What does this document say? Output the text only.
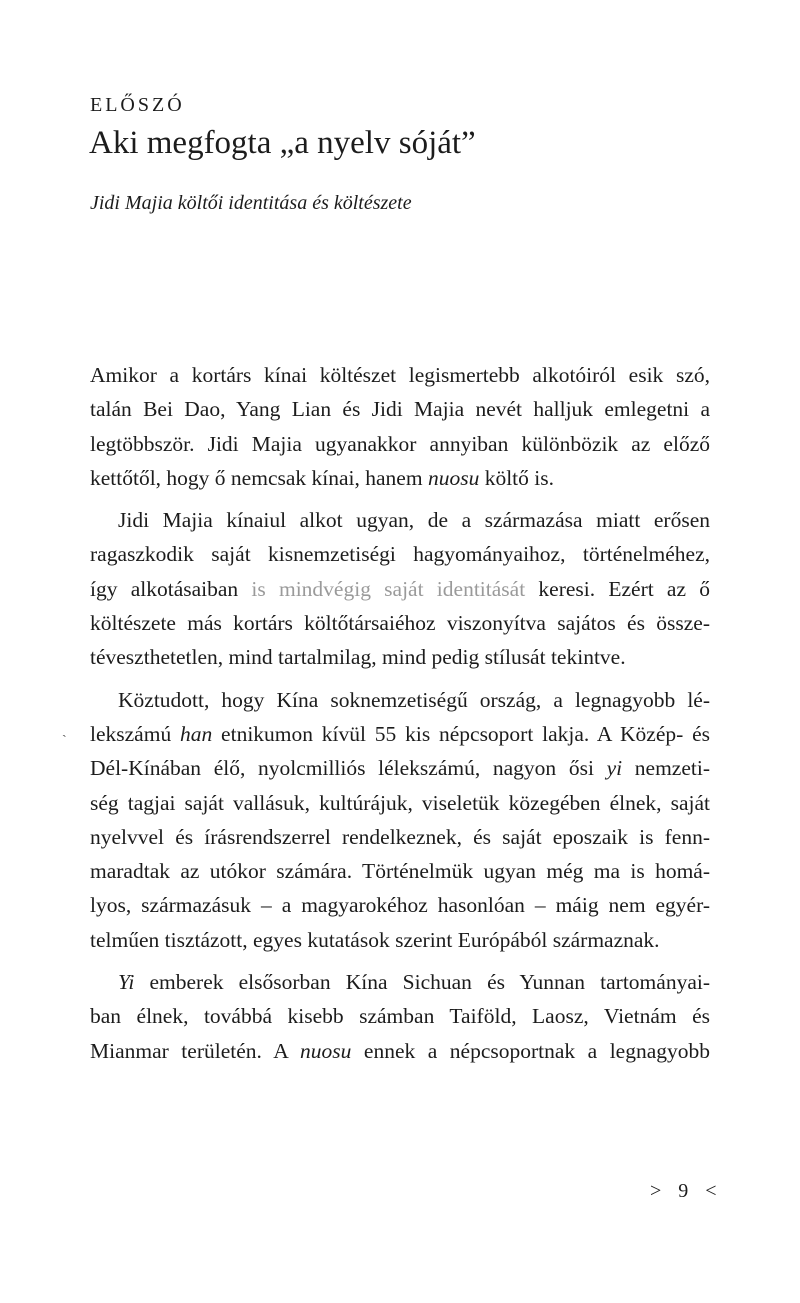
ELŐSZÓ
Aki megfogta „a nyelv sóját”
Jidi Majia költői identitása és költészete
Amikor a kortárs kínai költészet legismertebb alkotóiról esik szó,
talán Bei Dao, Yang Lian és Jidi Majia nevét halljuk emlegetni a
legtöbbször. Jidi Majia ugyanakkor annyiban különbözik az előző
kettőtől, hogy ő nemcsak kínai, hanem nuosu költő is.
Jidi Majia kínaiul alkot ugyan, de a származása miatt erősen
ragaszkodik saját kisnemzetiségi hagyományaihoz, történelméhez,
így alkotásaiban is mindvégig saját identitását keresi. Ezért az ő
költészete más kortárs költőtársaiéhoz viszonyítva sajátos és össze-
téveszthetetlen, mind tartalmilag, mind pedig stílusát tekintve.
Köztudott, hogy Kína soknemzetiségű ország, a legnagyobb lé-
lekszámú han etnikumon kívül 55 kis népcsoport lakja. A Közép- és
Dél-Kínában élő, nyolcmilliós lélekszámú, nagyon ősi yi nemzeti-
ség tagjai saját vallásuk, kultúrájuk, viseletük közegében élnek, saját
nyelvvel és írásrendszerrel rendelkeznek, és saját eposzaik is fenn-
maradtak az utókor számára. Történelmük ugyan még ma is homá-
lyos, származásuk – a magyarokéhoz hasonlóan – máig nem egyér-
telműen tisztázott, egyes kutatások szerint Európából származnak.
Yi emberek elsősorban Kína Sichuan és Yunnan tartományai-
ban élnek, továbbá kisebb számban Taiföld, Laosz, Vietnám és
Mianmar területén. A nuosu ennek a népcsoportnak a legnagyobb
ˎ
> 9 <
